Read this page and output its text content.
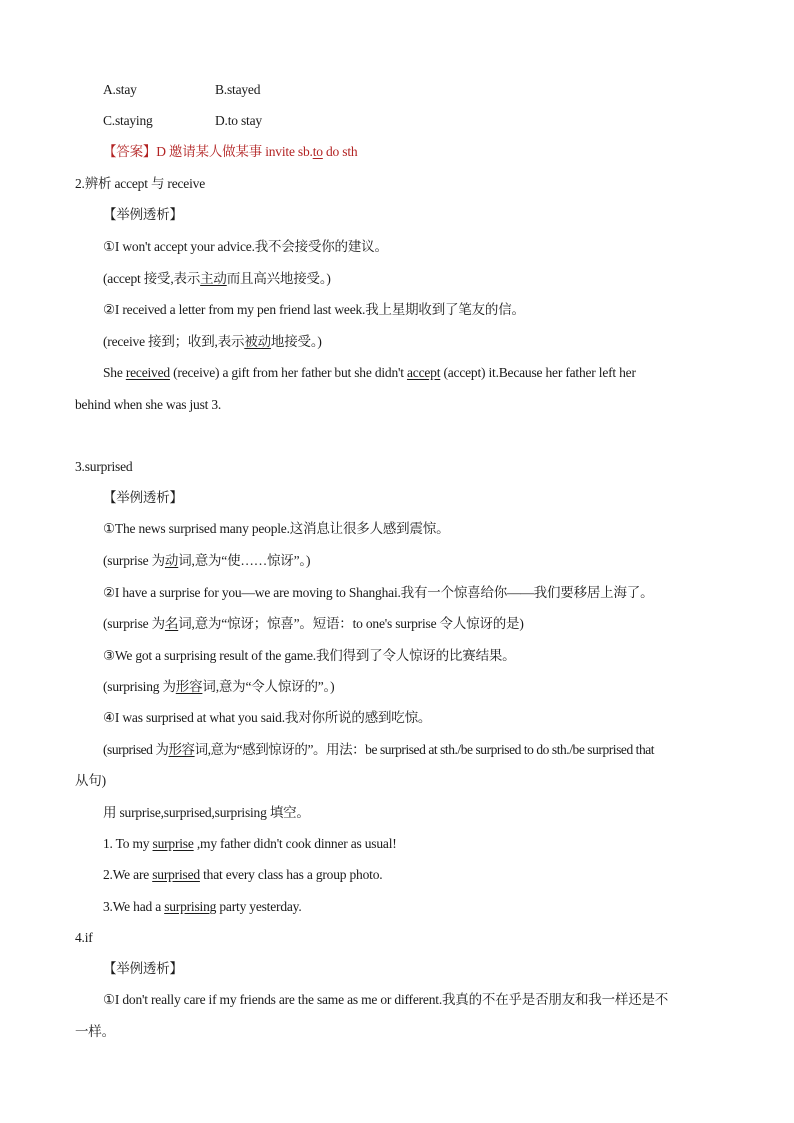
A.stay	B.stayed
C.staying	D.to stay
【答案】D 邀请某人做某事 invite sb.to do sth
2.辨析 accept 与 receive
【举例透析】
①I won't accept your advice.我不会接受你的建议。
(accept 接受,表示主动而且高兴地接受。)
②I received a letter from my pen friend last week.我上星期收到了笔友的信。
(receive 接到；收到,表示被动地接受。)
She received (receive) a gift from her father but she didn't accept (accept) it.Because her father left her
behind when she was just 3.
3.surprised
【举例透析】
①The news surprised many people.这消息让很多人感到震惊。
(surprise 为动词,意为“使……惊讶”。)
②I have a surprise for you—we are moving to Shanghai.我有一个惊喜给你——我们要移居上海了。
(surprise 为名词,意为“惊讶；惊喜”。短语：to one's surprise 令人惊讶的是)
③We got a surprising result of the game.我们得到了令人惊讶的比赛结果。
(surprising 为形容词,意为“令人惊讶的”。)
④I was surprised at what you said.我对你所说的感到吃惊。
(surprised 为形容词,意为“感到惊讶的”。用法：be surprised at sth./be surprised to do sth./be surprised that
从句)
用 surprise,surprised,surprising 填空。
1. To my surprise ,my father didn't cook dinner as usual!
2.We are surprised that every class has a group photo.
3.We had a surprising party yesterday.
4.if
【举例透析】
①I don't really care if my friends are the same as me or different.我真的不在乎是否朋友和我一样还是不
一样。
